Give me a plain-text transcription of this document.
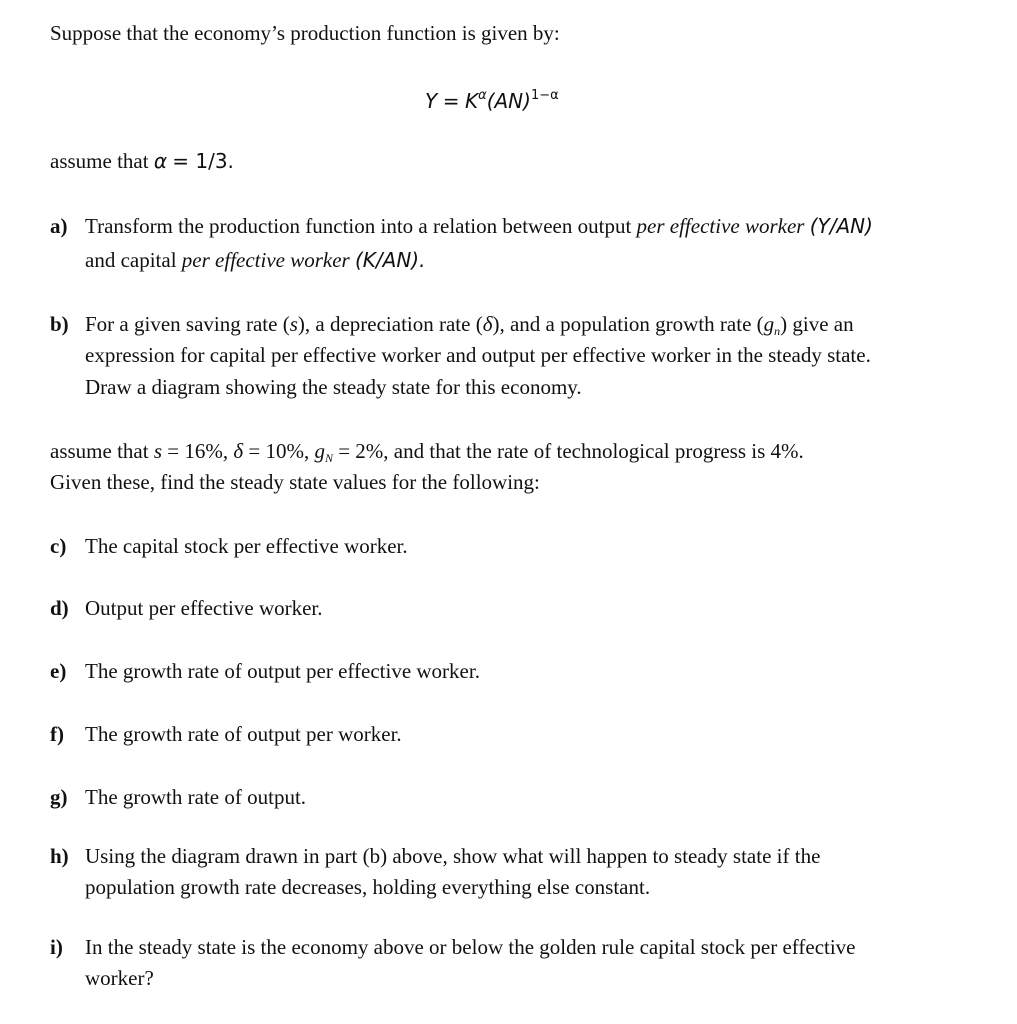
Suppose that the economy’s production function is given by:
$Y = K^\alpha(AN)^{1-\alpha}$
assume that α = 1/3.
a) Transform the production function into a relation between output per effective worker (Y/AN)
and capital per effective worker (K/AN).
b) For a given saving rate (s), a depreciation rate (δ), and a population growth rate $(g_n)$ give an
expression for capital per effective worker and output per effective worker in the steady state.
Draw a diagram showing the steady state for this economy.
assume that s = 16%, δ = 10%, $g_N = 2\%$, and that the rate of technological progress is 4%.
Given these, find the steady state values for the following:
c) The capital stock per effective worker.
d) Output per effective worker.
e) The growth rate of output per effective worker.
f) The growth rate of output per worker.
g) The growth rate of output.
h) Using the diagram drawn in part (b) above, show what will happen to steady state if the
population growth rate decreases, holding everything else constant.
i) In the steady state is the economy above or below the golden rule capital stock per effective
worker?
